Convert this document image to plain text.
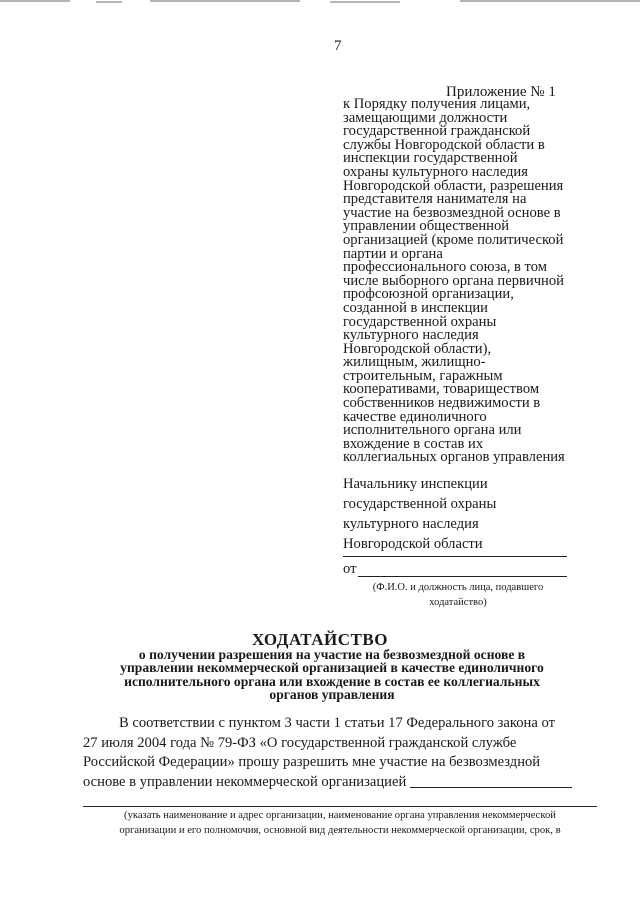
7
Приложение № 1
к Порядку получения лицами,
замещающими должности
государственной гражданской
службы Новгородской области в
инспекции государственной
охраны культурного наследия
Новгородской области, разрешения
представителя нанимателя на
участие на безвозмездной основе в
управлении общественной
организацией (кроме политической
партии и органа
профессионального союза, в том
числе выборного органа первичной
профсоюзной организации,
созданной в инспекции
государственной охраны
культурного наследия
Новгородской области),
жилищным, жилищно-
строительным, гаражным
кооперативами, товариществом
собственников недвижимости в
качестве единоличного
исполнительного органа или
вхождение в состав их
коллегиальных органов управления
Начальнику инспекции
государственной охраны
культурного наследия
Новгородской области
от
(Ф.И.О. и должность лица, подавшего
ходатайство)
ХОДАТАЙСТВО
о получении разрешения на участие на безвозмездной основе в
управлении некоммерческой организацией в качестве единоличного
исполнительного органа или вхождение в состав ее коллегиальных
органов управления
В соответствии с пунктом 3 части 1 статьи 17 Федерального закона от
27 июля 2004 года № 79-ФЗ «О государственной гражданской службе
Российской Федерации» прошу разрешить мне участие на безвозмездной
основе в управлении некоммерческой организацией
(указать наименование и адрес организации, наименование органа управления некоммерческой
организации и его полномочия, основной вид деятельности некоммерческой организации, срок, в
